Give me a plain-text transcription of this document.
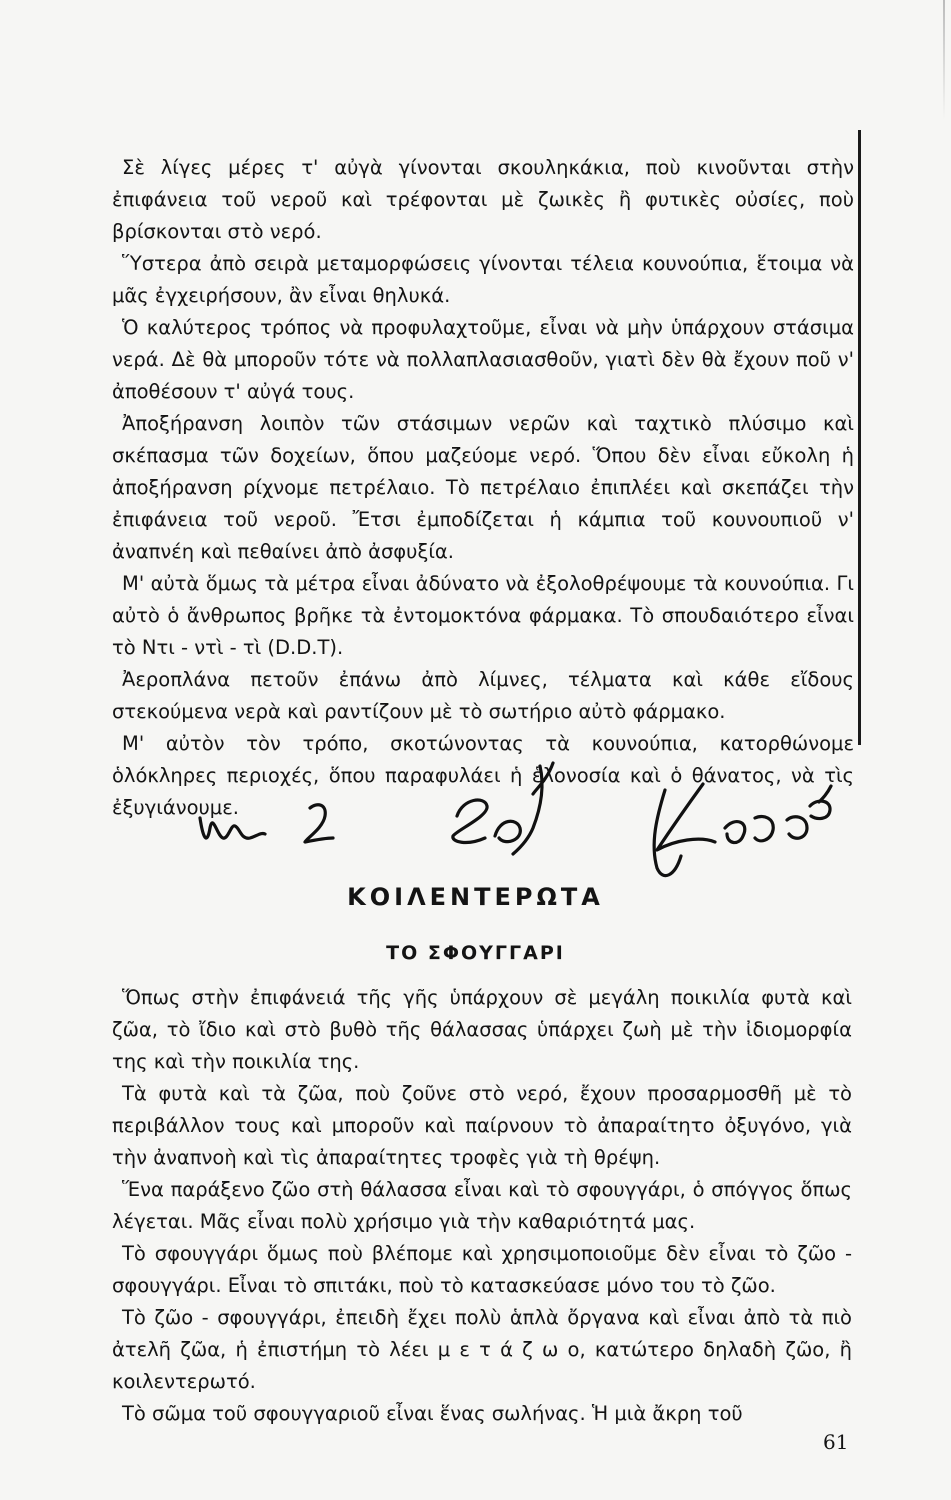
Σὲ λίγες μέρες τ' αὐγὰ γίνονται σκουληκάκια, ποὺ κινοῦνται στὴν ἐπιφάνεια τοῦ νεροῦ καὶ τρέφονται μὲ ζωικὲς ἢ φυτικὲς οὐσίες, ποὺ βρίσκονται στὸ νερό.

Ὕστερα ἀπὸ σειρὰ μεταμορφώσεις γίνονται τέλεια κουνούπια, ἕτοιμα νὰ μᾶς ἐγχειρήσουν, ἂν εἶναι θηλυκά.

Ὁ καλύτερος τρόπος νὰ προφυλαχτοῦμε, εἶναι νὰ μὴν ὑπάρχουν στάσιμα νερά. Δὲ θὰ μποροῦν τότε νὰ πολλαπλασιασθοῦν, γιατὶ δὲν θὰ ἔχουν ποῦ ν' ἀποθέσουν τ' αὐγά τους.

Ἀποξήρανση λοιπὸν τῶν στάσιμων νερῶν καὶ ταχτικὸ πλύσιμο καὶ σκέπασμα τῶν δοχείων, ὅπου μαζεύομε νερό. Ὅπου δὲν εἶναι εὔκολη ἡ ἀποξήρανση ρίχνομε πετρέλαιο. Τὸ πετρέλαιο ἐπιπλέει καὶ σκεπάζει τὴν ἐπιφάνεια τοῦ νεροῦ. Ἔτσι ἐμποδίζεται ἡ κάμπια τοῦ κουνουπιοῦ ν' ἀναπνέη καὶ πεθαίνει ἀπὸ ἀσφυξία.

Μ' αὐτὰ ὅμως τὰ μέτρα εἶναι ἀδύνατο νὰ ἐξολοθρέψουμε τὰ κουνούπια. Γι αὐτὸ ὁ ἄνθρωπος βρῆκε τὰ ἐντομοκτόνα φάρμακα. Τὸ σπουδαιότερο εἶναι τὸ Ντι - ντὶ - τὶ (D.D.T).

Ἀεροπλάνα πετοῦν ἐπάνω ἀπὸ λίμνες, τέλματα καὶ κάθε εἴδους στεκούμενα νερὰ καὶ ραντίζουν μὲ τὸ σωτήριο αὐτὸ φάρμακο.

Μ' αὐτὸν τὸν τρόπο, σκοτώνοντας τὰ κουνούπια, κατορθώνομε ὁλόκληρες περιοχές, ὅπου παραφυλάει ἡ ἑλονοσία καὶ ὁ θάνατος, νὰ τὶς ἐξυγιάνουμε.

ΚΟΙΛΕΝΤΕΡΩΤΑ
ΤΟ ΣΦΟΥΓΓΑΡΙ

Ὅπως στὴν ἐπιφάνειά τῆς γῆς ὑπάρχουν σὲ μεγάλη ποικιλία φυτὰ καὶ ζῶα, τὸ ἴδιο καὶ στὸ βυθὸ τῆς θάλασσας ὑπάρχει ζωὴ μὲ τὴν ἰδιομορφία της καὶ τὴν ποικιλία της.

Τὰ φυτὰ καὶ τὰ ζῶα, ποὺ ζοῦνε στὸ νερό, ἔχουν προσαρμοσθῆ μὲ τὸ περιβάλλον τους καὶ μποροῦν καὶ παίρνουν τὸ ἀπαραίτητο ὀξυγόνο, γιὰ τὴν ἀναπνοὴ καὶ τὶς ἀπαραίτητες τροφὲς γιὰ τὴ θρέψη.

Ἕνα παράξενο ζῶο στὴ θάλασσα εἶναι καὶ τὸ σφουγγάρι, ὁ σπόγγος ὅπως λέγεται. Μᾶς εἶναι πολὺ χρήσιμο γιὰ τὴν καθαριότητά μας.

Τὸ σφουγγάρι ὅμως ποὺ βλέπομε καὶ χρησιμοποιοῦμε δὲν εἶναι τὸ ζῶο - σφουγγάρι. Εἶναι τὸ σπιτάκι, ποὺ τὸ κατασκεύασε μόνο του τὸ ζῶο.

Τὸ ζῶο - σφουγγάρι, ἐπειδὴ ἔχει πολὺ ἁπλὰ ὄργανα καὶ εἶναι ἀπὸ τὰ πιὸ ἀτελῆ ζῶα, ἡ ἐπιστήμη τὸ λέει μ ε τ ά ζ ω ο, κατώτερο δηλαδὴ ζῶο, ἢ κοιλεντερωτό.

Τὸ σῶμα τοῦ σφουγγαριοῦ εἶναι ἕνας σωλήνας. Ἡ μιὰ ἄκρη τοῦ

61
